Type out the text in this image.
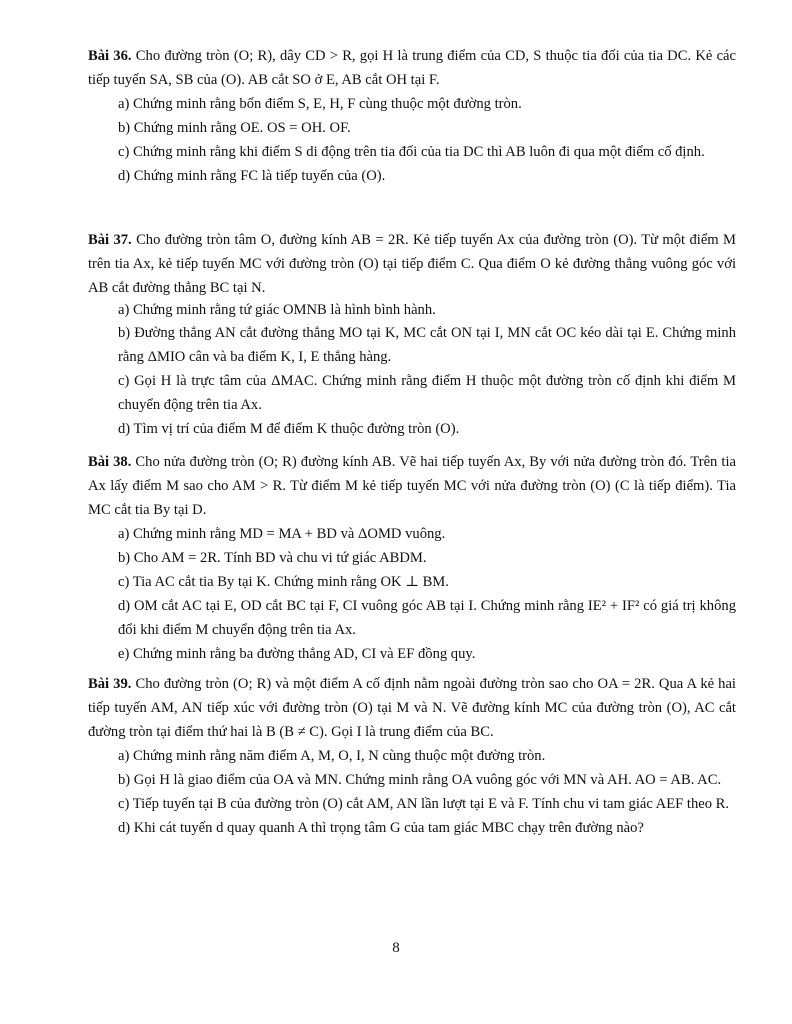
Bài 36. Cho đường tròn (O; R), dây CD > R, gọi H là trung điểm của CD, S thuộc tia đối của tia DC. Kẻ các tiếp tuyến SA, SB của (O). AB cắt SO ở E, AB cắt OH tại F.

a) Chứng minh rằng bốn điểm S, E, H, F cùng thuộc một đường tròn.

b) Chứng minh rằng OE. OS = OH. OF.

c) Chứng minh rằng khi điểm S di động trên tia đối của tia DC thì AB luôn đi qua một điểm cố định.

d) Chứng minh rằng FC là tiếp tuyến của (O).

Bài 37. Cho đường tròn tâm O, đường kính AB = 2R. Kẻ tiếp tuyến Ax của đường tròn (O). Từ một điểm M trên tia Ax, kẻ tiếp tuyến MC với đường tròn (O) tại tiếp điểm C. Qua điểm O kẻ đường thẳng vuông góc với AB cắt đường thẳng BC tại N.

a) Chứng minh rằng tứ giác OMNB là hình bình hành.

b) Đường thẳng AN cắt đường thẳng MO tại K, MC cắt ON tại I, MN cắt OC kéo dài tại E. Chứng minh rằng ΔMIO cân và ba điểm K, I, E thẳng hàng.

c) Gọi H là trực tâm của ΔMAC. Chứng minh rằng điểm H thuộc một đường tròn cố định khi điểm M chuyển động trên tia Ax.

d) Tìm vị trí của điểm M để điểm K thuộc đường tròn (O).

Bài 38. Cho nửa đường tròn (O; R) đường kính AB. Vẽ hai tiếp tuyến Ax, By với nửa đường tròn đó. Trên tia Ax lấy điểm M sao cho AM > R. Từ điểm M kẻ tiếp tuyến MC với nửa đường tròn (O) (C là tiếp điểm). Tia MC cắt tia By tại D.

a) Chứng minh rằng MD = MA + BD và ΔOMD vuông.

b) Cho AM = 2R. Tính BD và chu vi tứ giác ABDM.

c) Tia AC cắt tia By tại K. Chứng minh rằng OK ⊥ BM.

d) OM cắt AC tại E, OD cắt BC tại F, CI vuông góc AB tại I. Chứng minh rằng IE² + IF² có giá trị không đổi khi điểm M chuyển động trên tia Ax.

e) Chứng minh rằng ba đường thẳng AD, CI và EF đồng quy.

Bài 39. Cho đường tròn (O; R) và một điểm A cố định nằm ngoài đường tròn sao cho OA = 2R. Qua A kẻ hai tiếp tuyến AM, AN tiếp xúc với đường tròn (O) tại M và N. Vẽ đường kính MC của đường tròn (O), AC cắt đường tròn tại điểm thứ hai là B (B ≠ C). Gọi I là trung điểm của BC.

a) Chứng minh rằng năm điểm A, M, O, I, N cùng thuộc một đường tròn.

b) Gọi H là giao điểm của OA và MN. Chứng minh rằng OA vuông góc với MN và AH. AO = AB. AC.

c) Tiếp tuyến tại B của đường tròn (O) cắt AM, AN lần lượt tại E và F. Tính chu vi tam giác AEF theo R.

d) Khi cát tuyến d quay quanh A thì trọng tâm G của tam giác MBC chạy trên đường nào?

8
